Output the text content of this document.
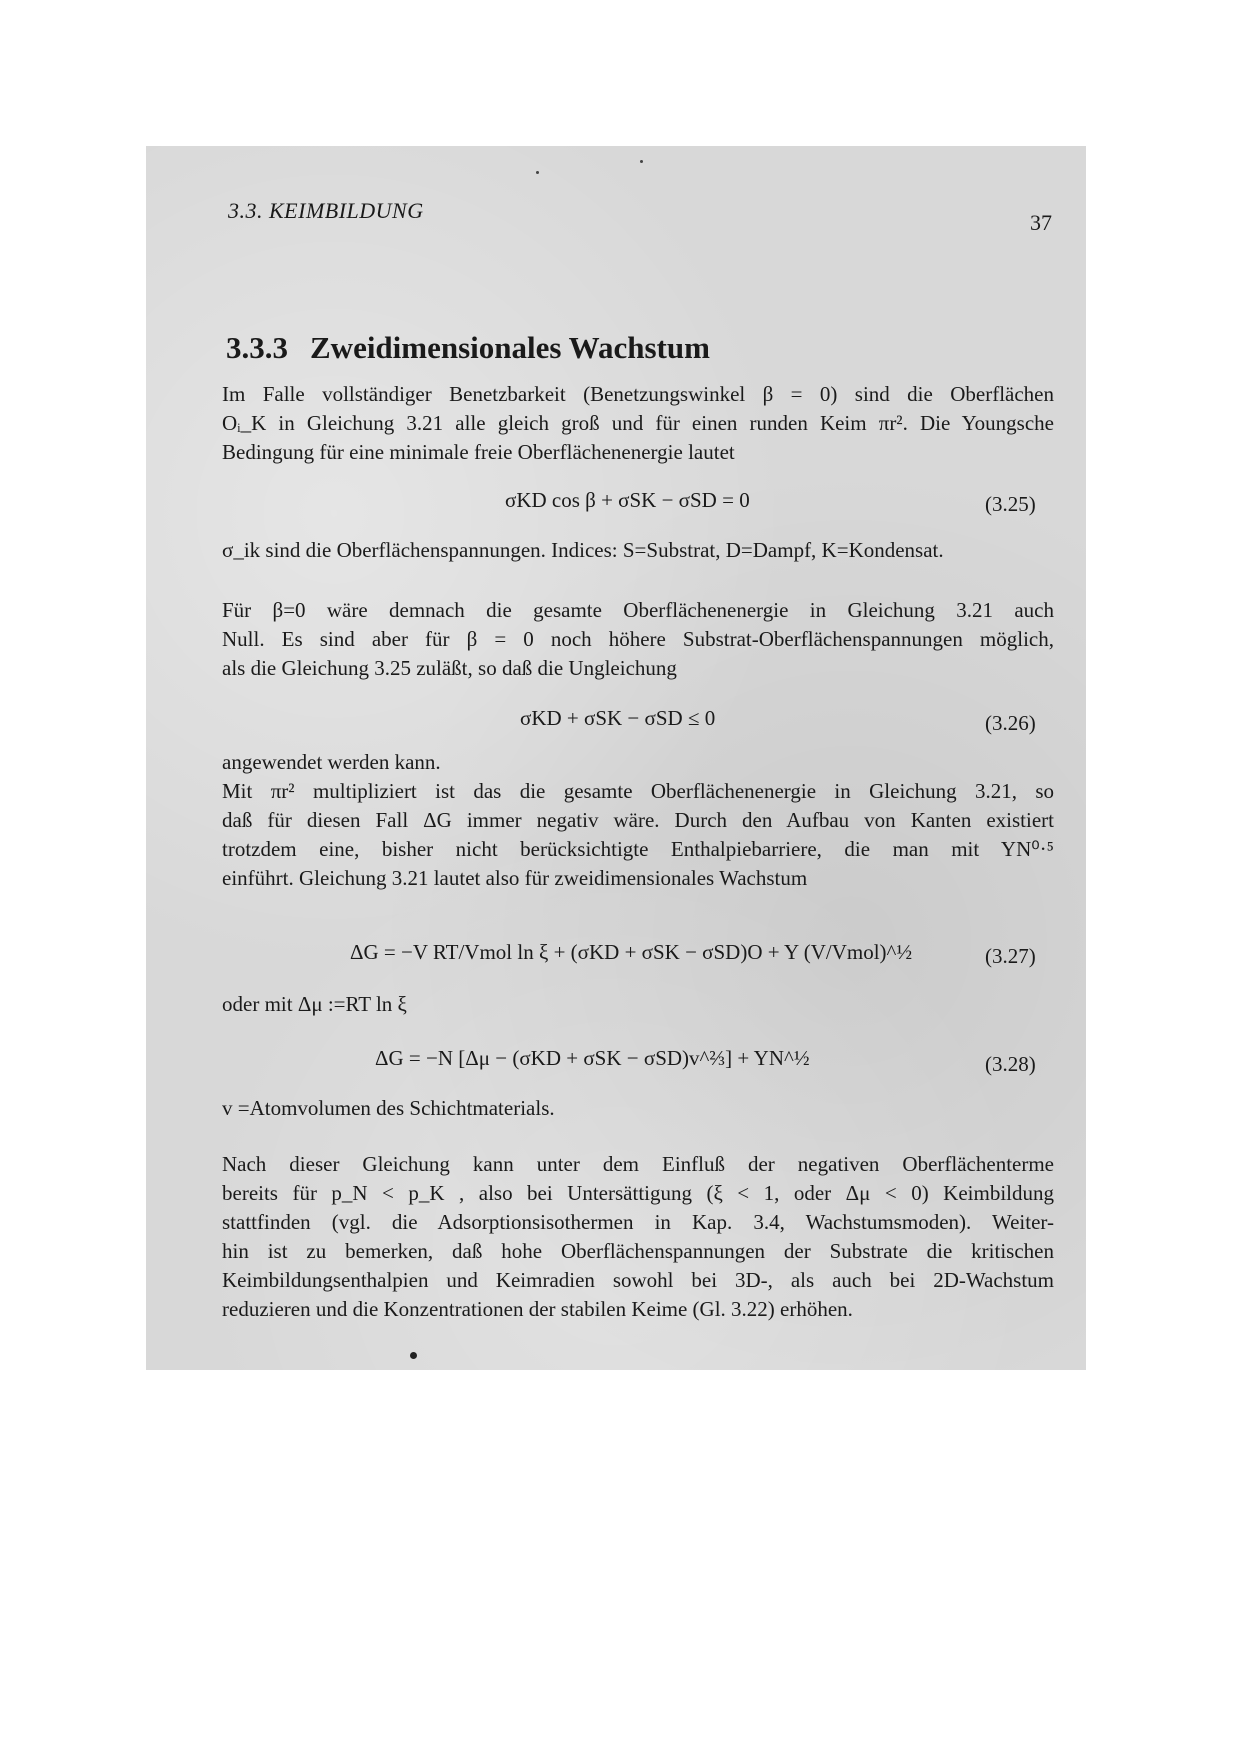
3.3. KEIMBILDUNG	37
3.3.3 Zweidimensionales Wachstum
Im Falle vollständiger Benetzbarkeit (Benetzungswinkel β = 0) sind die Oberflächen
Oᵢ_K in Gleichung 3.21 alle gleich groß und für einen runden Keim πr². Die Youngsche
Bedingung für eine minimale freie Oberflächenenergie lautet
σKD cos β + σSK − σSD = 0	(3.25)
σ_ik sind die Oberflächenspannungen. Indices: S=Substrat, D=Dampf, K=Kondensat.
Für β=0 wäre demnach die gesamte Oberflächenenergie in Gleichung 3.21 auch
Null. Es sind aber für β = 0 noch höhere Substrat-Oberflächenspannungen möglich,
als die Gleichung 3.25 zuläßt, so daß die Ungleichung
σKD + σSK − σSD ≤ 0	(3.26)
angewendet werden kann.
Mit πr² multipliziert ist das die gesamte Oberflächenenergie in Gleichung 3.21, so
daß für diesen Fall ΔG immer negativ wäre. Durch den Aufbau von Kanten existiert
trotzdem eine, bisher nicht berücksichtigte Enthalpiebarriere, die man mit YN⁰·⁵
einführt. Gleichung 3.21 lautet also für zweidimensionales Wachstum
ΔG = −V RT/Vmol ln ξ + (σKD + σSK − σSD)O + Y (V/Vmol)^½	(3.27)
oder mit Δμ :=RT ln ξ
ΔG = −N [Δμ − (σKD + σSK − σSD)v^⅔] + YN^½	(3.28)
v =Atomvolumen des Schichtmaterials.
Nach dieser Gleichung kann unter dem Einfluß der negativen Oberflächenterme
bereits für p_N < p_K , also bei Untersättigung (ξ < 1, oder Δμ < 0) Keimbildung
stattfinden (vgl. die Adsorptionsisothermen in Kap. 3.4, Wachstumsmoden). Weiter-
hin ist zu bemerken, daß hohe Oberflächenspannungen der Substrate die kritischen
Keimbildungsenthalpien und Keimradien sowohl bei 3D-, als auch bei 2D-Wachstum
reduzieren und die Konzentrationen der stabilen Keime (Gl. 3.22) erhöhen.
